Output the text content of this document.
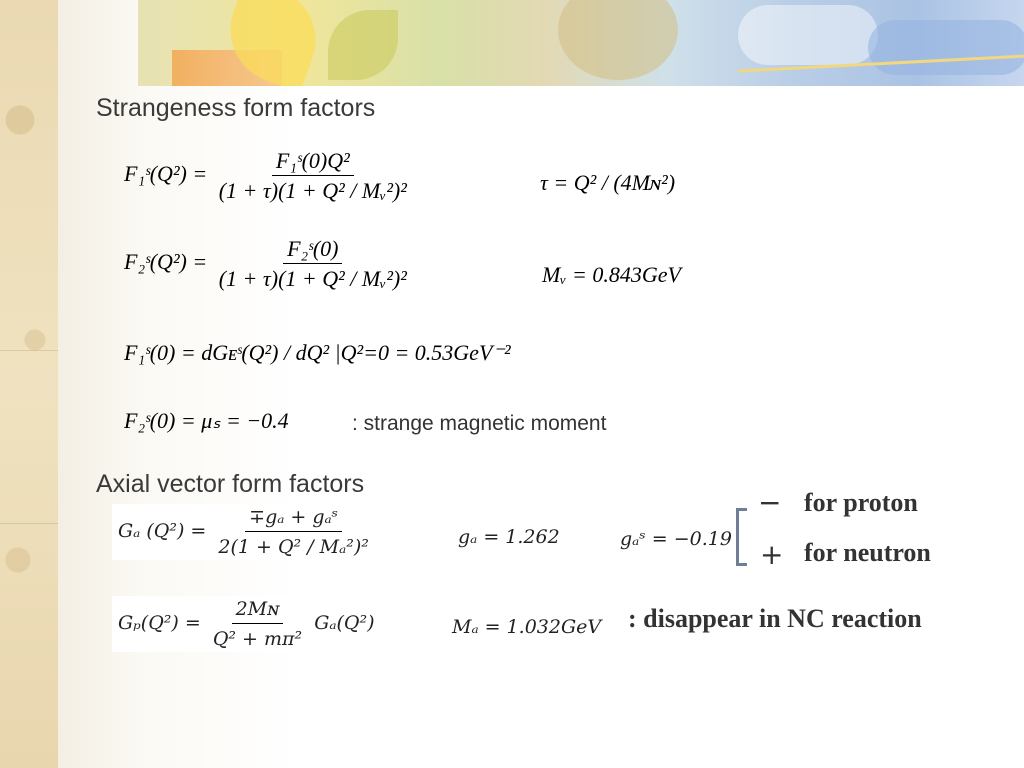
Strangeness form factors
F₁ˢ(Q²) = $\frac{\text{F₁ˢ(0)Q²}}{\text{(1 + τ)(1 + Q² / Mᵥ²)²}}$	τ = Q² / (4Mɴ²)
F₂ˢ(Q²) = $\frac{\text{F₂ˢ(0)}}{\text{(1 + τ)(1 + Q² / Mᵥ²)²}}$	Mᵥ = 0.843GeV
F₁ˢ(0) = dGᴇˢ(Q²) / dQ² |Q²=0 = 0.53GeV⁻²
F₂ˢ(0) = μₛ = −0.4	: strange magnetic moment
Axial vector form factors
Gₐ $(Q^2) = \frac{\text{∓gₐ + gₐˢ}}{\text{2(1 + Q² / Mₐ²)²}}$	gₐ = 1.262	gₐˢ = −0.19
− for proton
+ for neutron
$G_p(Q^2) = \frac{\text{2Mɴ}}{\text{Q² + mπ²}} G_a(Q^2)$	Mₐ = 1.032GeV : disappear in NC reaction
